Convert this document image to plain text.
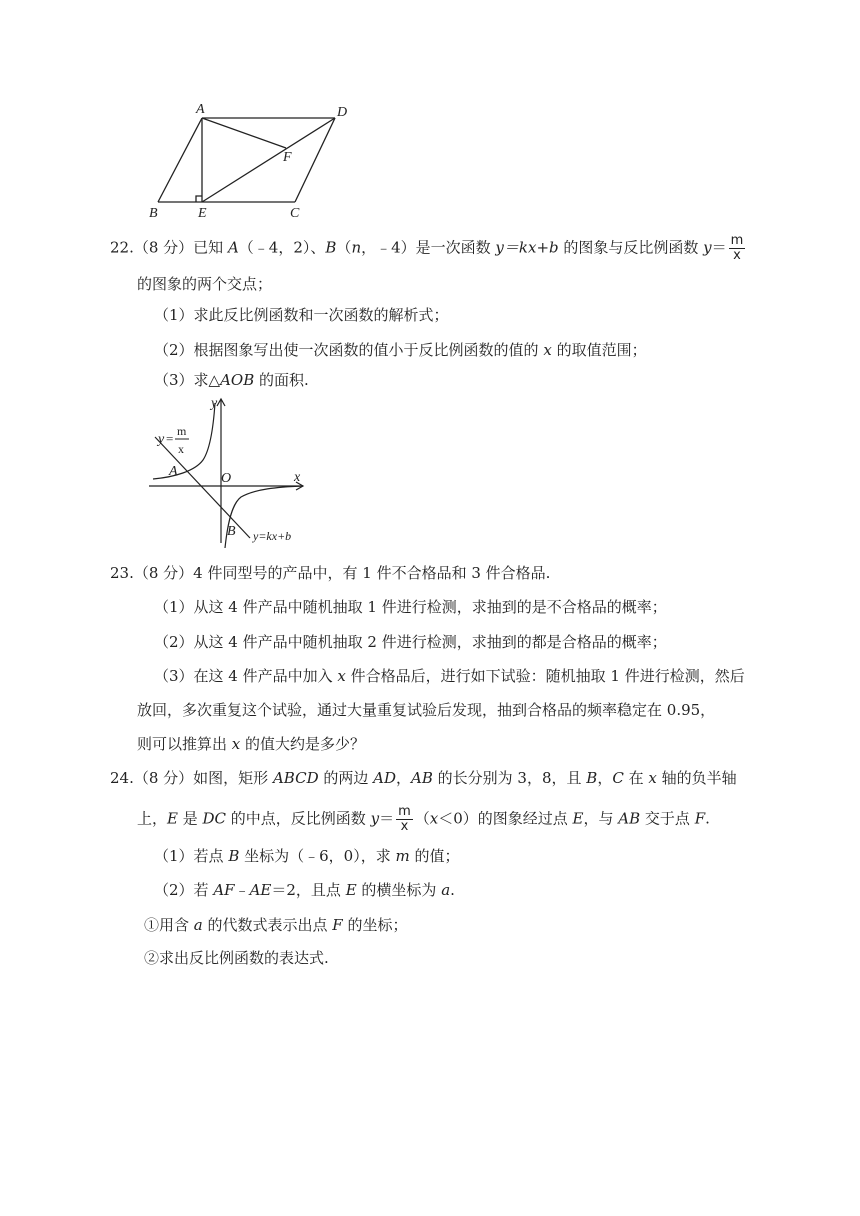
A	D
F
B	E	C
22.（8 分）已知 A（﹣4，2）、B（n，﹣4）是一次函数 y＝kx+b 的图象与反比例函数 $y= \frac{m}{x}$
的图象的两个交点；
（1）求此反比例函数和一次函数的解析式；
（2）根据图象写出使一次函数的值小于反比例函数的值的 x 的取值范围；
（3）求△AOB 的面积.
y
x
O
A
B
y
y=kx+b
= m
x
23.（8 分）4 件同型号的产品中，有 1 件不合格品和 3 件合格品.
（1）从这 4 件产品中随机抽取 1 件进行检测，求抽到的是不合格品的概率；
（2）从这 4 件产品中随机抽取 2 件进行检测，求抽到的都是合格品的概率；
（3）在这 4 件产品中加入 x 件合格品后，进行如下试验：随机抽取 1 件进行检测，然后
放回，多次重复这个试验，通过大量重复试验后发现，抽到合格品的频率稳定在 0.95，
则可以推算出 x 的值大约是多少？
24.（8 分）如图，矩形 ABCD 的两边 AD，AB 的长分别为 3，8，且 B，C 在 x 轴的负半轴
上，E 是 DC 的中点，反比例函数 $y= \frac{m}{x} (x<0)$的图象经过点 E，与 AB 交于点 F.
（1）若点 B 坐标为（﹣6，0），求 m 的值；
（2）若 AF﹣AE＝2，且点 E 的横坐标为 a.
①用含 a 的代数式表示出点 F 的坐标；
②求出反比例函数的表达式.
